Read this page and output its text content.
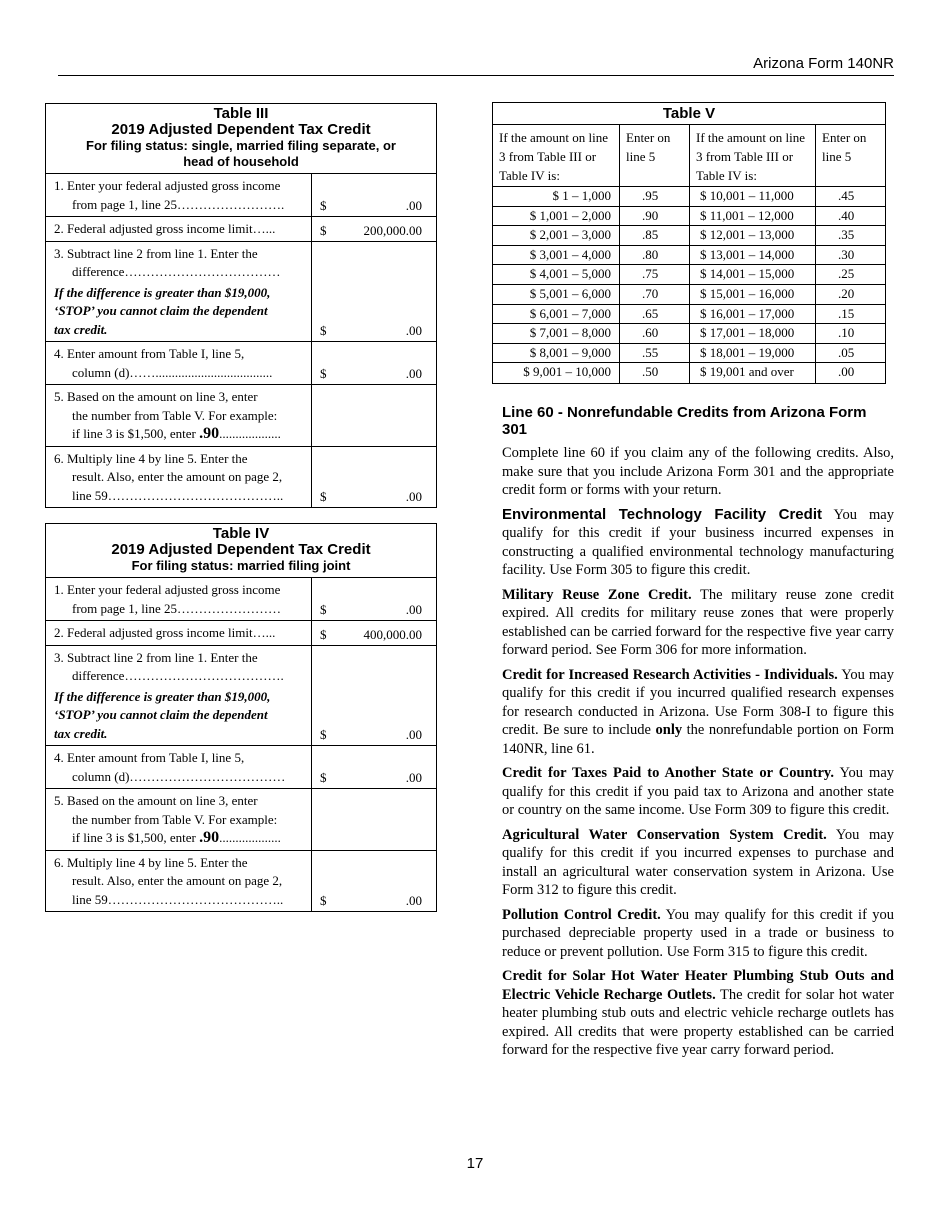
Arizona Form 140NR
Table III
2019 Adjusted Dependent Tax Credit
For filing status: single, married filing separate, or
head of household
1. Enter your federal adjusted gross income
from page 1, line 25…………………….	$	.00
2. Federal adjusted gross income limit…...	$	200,000.00
3. Subtract line 2 from line 1. Enter the
difference………………………………
If the difference is greater than $19,000,
‘STOP’ you cannot claim the dependent
tax credit.	$	.00
4. Enter amount from Table I, line 5,
column (d)……....................................	$	.00
5. Based on the amount on line 3, enter
the number from Table V. For example:
if line 3 is $1,500, enter .90...................
6. Multiply line 4 by line 5. Enter the
result. Also, enter the amount on page 2,
line 59…………………………………..	$	.00
Table IV
2019 Adjusted Dependent Tax Credit
For filing status: married filing joint
1. Enter your federal adjusted gross income
from page 1, line 25……………………	$	.00
2. Federal adjusted gross income limit…...	$	400,000.00
3. Subtract line 2 from line 1. Enter the
difference……………………………….
If the difference is greater than $19,000,
‘STOP’ you cannot claim the dependent
tax credit.	$	.00
4. Enter amount from Table I, line 5,
column (d)………………………………	$	.00
5. Based on the amount on line 3, enter
the number from Table V. For example:
if line 3 is $1,500, enter .90...................
6. Multiply line 4 by line 5. Enter the
result. Also, enter the amount on page 2,
line 59…………………………………..	$	.00
Table V
If the amount on line 3 from Table III or Table IV is:
Enter on line 5
If the amount on line 3 from Table III or Table IV is:
Enter on line 5
$ 1 – 1,000	.95	$ 10,001 – 11,000	.45
$ 1,001 – 2,000	.90	$ 11,001 – 12,000	.40
$ 2,001 – 3,000	.85	$ 12,001 – 13,000	.35
$ 3,001 – 4,000	.80	$ 13,001 – 14,000	.30
$ 4,001 – 5,000	.75	$ 14,001 – 15,000	.25
$ 5,001 – 6,000	.70	$ 15,001 – 16,000	.20
$ 6,001 – 7,000	.65	$ 16,001 – 17,000	.15
$ 7,001 – 8,000	.60	$ 17,001 – 18,000	.10
$ 8,001 – 9,000	.55	$ 18,001 – 19,000	.05
$ 9,001 – 10,000	.50	$ 19,001 and over	.00
Line 60 - Nonrefundable Credits from Arizona Form 301

Complete line 60 if you claim any of the following credits. Also, make sure that you include Arizona Form 301 and the appropriate credit form or forms with your return.

Environmental Technology Facility Credit You may qualify for this credit if your business incurred expenses in constructing a qualified environmental technology manufacturing facility. Use Form 305 to figure this credit.

Military Reuse Zone Credit. The military reuse zone credit expired. All credits for military reuse zones that were properly established can be carried forward for the respective five year carry forward period. See Form 306 for more information.

Credit for Increased Research Activities - Individuals. You may qualify for this credit if you incurred qualified research expenses for research conducted in Arizona. Use Form 308-I to figure this credit. Be sure to include only the nonrefundable portion on Form 140NR, line 61.

Credit for Taxes Paid to Another State or Country. You may qualify for this credit if you paid tax to Arizona and another state or country on the same income. Use Form 309 to figure this credit.

Agricultural Water Conservation System Credit. You may qualify for this credit if you incurred expenses to purchase and install an agricultural water conservation system in Arizona. Use Form 312 to figure this credit.

Pollution Control Credit. You may qualify for this credit if you purchased depreciable property used in a trade or business to reduce or prevent pollution. Use Form 315 to figure this credit.

Credit for Solar Hot Water Heater Plumbing Stub Outs and Electric Vehicle Recharge Outlets. The credit for solar hot water heater plumbing stub outs and electric vehicle recharge outlets has expired. All credits that were property established can be carried forward for the respective five year carry forward period.

17
